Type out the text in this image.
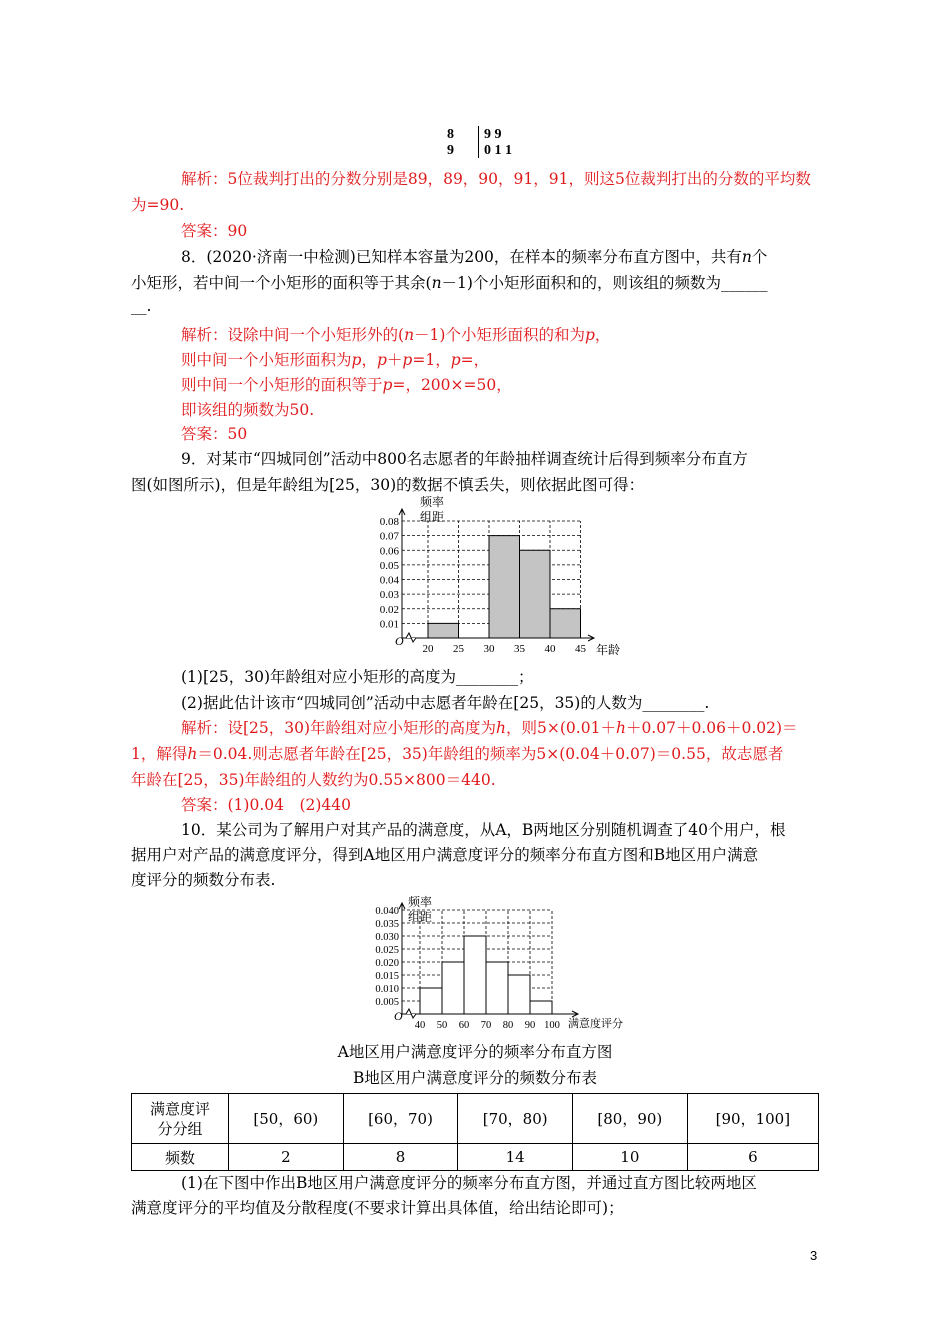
8 9 9
9 0 1 1
解析：5位裁判打出的分数分别是89，89，90，91，91，则这5位裁判打出的分数的平均数
为=90.
答案：90
8．(2020·济南一中检测)已知样本容量为200，在样本的频率分布直方图中，共有n个
小矩形，若中间一个小矩形的面积等于其余(n－1)个小矩形面积和的，则该组的频数为______
__.
解析：设除中间一个小矩形外的(n－1)个小矩形面积的和为p，
则中间一个小矩形面积为p，p＋p=1，p=，
则中间一个小矩形的面积等于p=，200×=50，
即该组的频数为50.
答案：50
9．对某市“四城同创”活动中800名志愿者的年龄抽样调查统计后得到频率分布直方
图(如图所示)，但是年龄组为[25，30)的数据不慎丢失，则依据此图可得：
频率
组距
O
年龄
0.01
0.02
0.03
0.04
0.05
0.06
0.07
0.08
20 25 30 35 40 45
(1)[25，30)年龄组对应小矩形的高度为________；
(2)据此估计该市“四城同创”活动中志愿者年龄在[25，35)的人数为________.
解析：设[25，30)年龄组对应小矩形的高度为h，则5×(0.01＋h＋0.07＋0.06＋0.02)＝
1，解得h＝0.04.则志愿者年龄在[25，35)年龄组的频率为5×(0.04＋0.07)＝0.55，故志愿者
年龄在[25，35)年龄组的人数约为0.55×800＝440.
答案：(1)0.04　(2)440
10．某公司为了解用户对其产品的满意度，从A，B两地区分别随机调查了40个用户，根
据用户对产品的满意度评分，得到A地区用户满意度评分的频率分布直方图和B地区用户满意
度评分的频数分布表.
频率
组距
O
满意度评分
0.005
0.010
0.015
0.020
0.025
0.030
0.035
0.040
40 50 60 70 80 90 100
A地区用户满意度评分的频率分布直方图
B地区用户满意度评分的频数分布表
满意度评
分分组	[50，60)	[60，70)	[70，80)	[80，90)	[90，100]
频数	2	8	14	10	6
(1)在下图中作出B地区用户满意度评分的频率分布直方图，并通过直方图比较两地区
满意度评分的平均值及分散程度(不要求计算出具体值，给出结论即可)；
3
